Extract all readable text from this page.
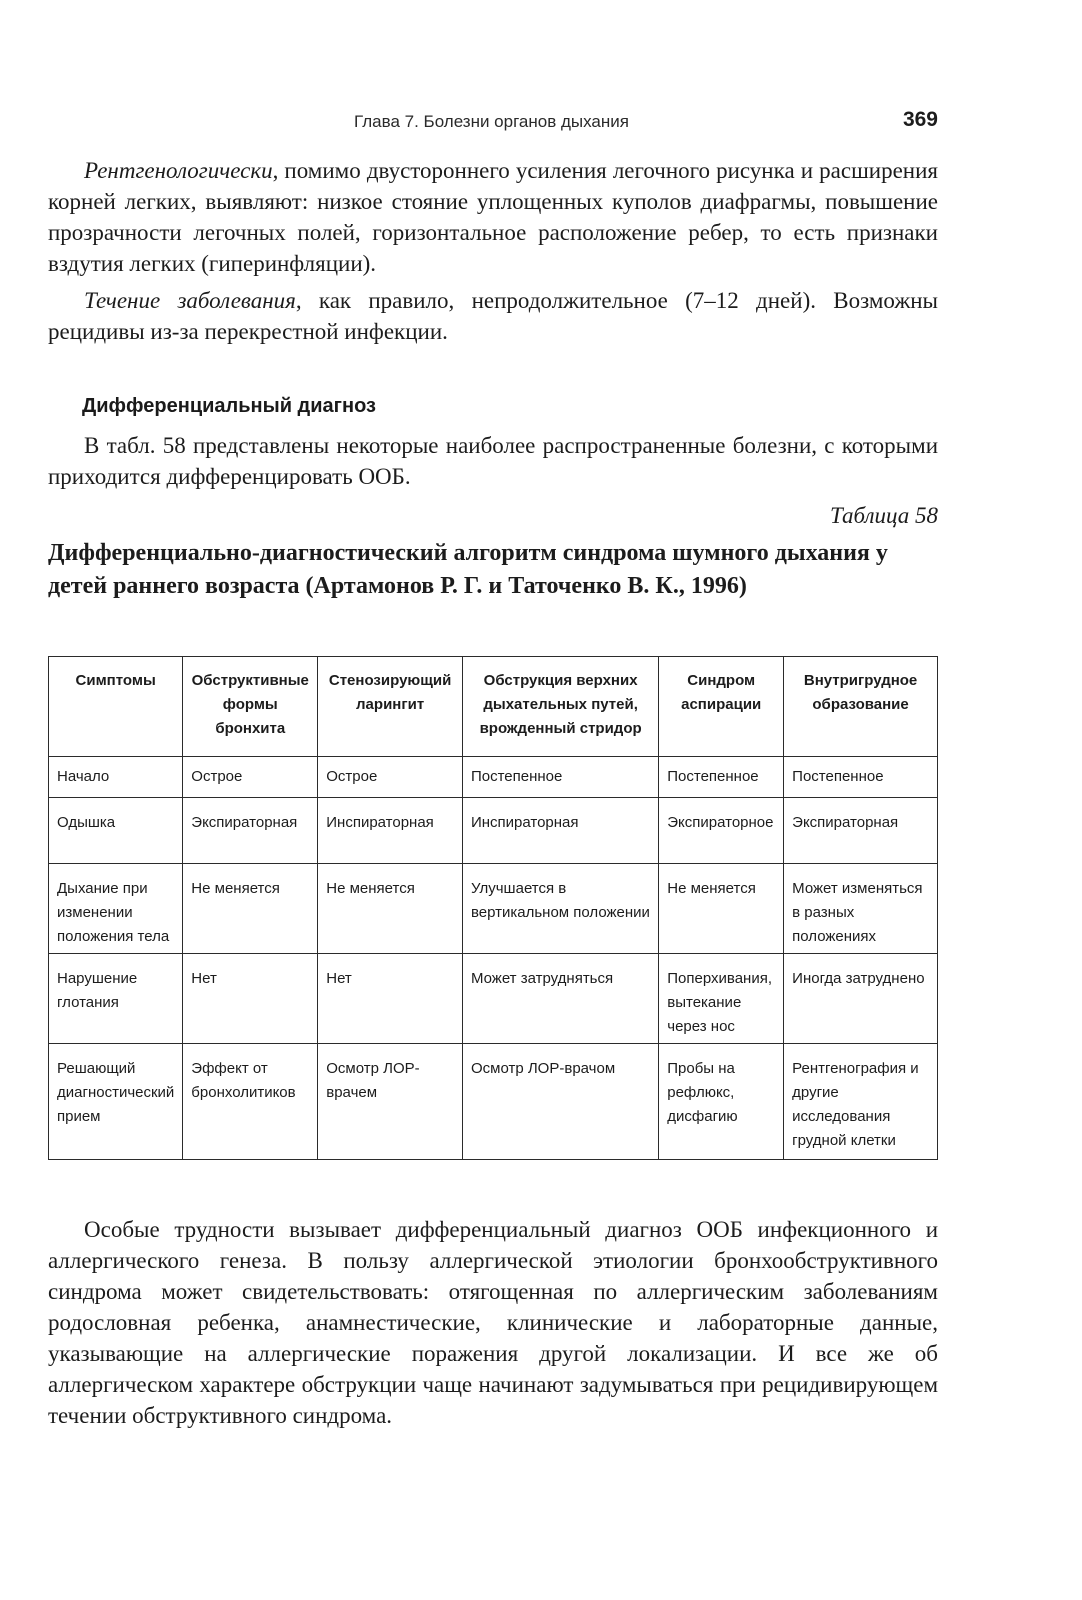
Глава 7. Болезни органов дыхания	369

Рентгенологически, помимо двустороннего усиления легочного рисунка и расширения корней легких, выявляют: низкое стояние уплощенных куполов диафрагмы, повышение прозрачности легочных полей, горизонтальное расположение ребер, то есть признаки вздутия легких (гиперинфляции).

Течение заболевания, как правило, непродолжительное (7–12 дней). Возможны рецидивы из-за перекрестной инфекции.

Дифференциальный диагноз

В табл. 58 представлены некоторые наиболее распространенные болезни, с которыми приходится дифференцировать ООБ.

Таблица 58
Дифференциально-диагностический алгоритм синдрома шумного дыхания у детей раннего возраста (Артамонов Р. Г. и Таточенко В. К., 1996)
Симптомы	Обструктивные формы бронхита	Стенозирующий ларингит	Обструкция верхних дыхательных путей, врожденный стридор	Синдром аспирации	Внутригрудное образование
Начало	Острое	Острое	Постепенное	Постепенное	Постепенное
Одышка	Экспираторная	Инспираторная	Инспираторная	Экспираторное	Экспираторная
Дыхание при изменении положения тела	Не меняется	Не меняется	Улучшается в вертикальном положении	Не меняется	Может изменяться в разных положениях
Нарушение глотания	Нет	Нет	Может затрудняться	Поперхивания, вытекание через нос	Иногда затруднено
Решающий диагностический прием	Эффект от бронхолитиков	Осмотр ЛОР-врачем	Осмотр ЛОР-врачом	Пробы на рефлюкс, дисфагию	Рентгенография и другие исследования грудной клетки

Особые трудности вызывает дифференциальный диагноз ООБ инфекционного и аллергического генеза. В пользу аллергической этиологии бронхообструктивного синдрома может свидетельствовать: отягощенная по аллергическим заболеваниям родословная ребенка, анамнестические, клинические и лабораторные данные, указывающие на аллергические поражения другой локализации. И все же об аллергическом характере обструкции чаще начинают задумываться при рецидивирующем течении обструктивного синдрома.
